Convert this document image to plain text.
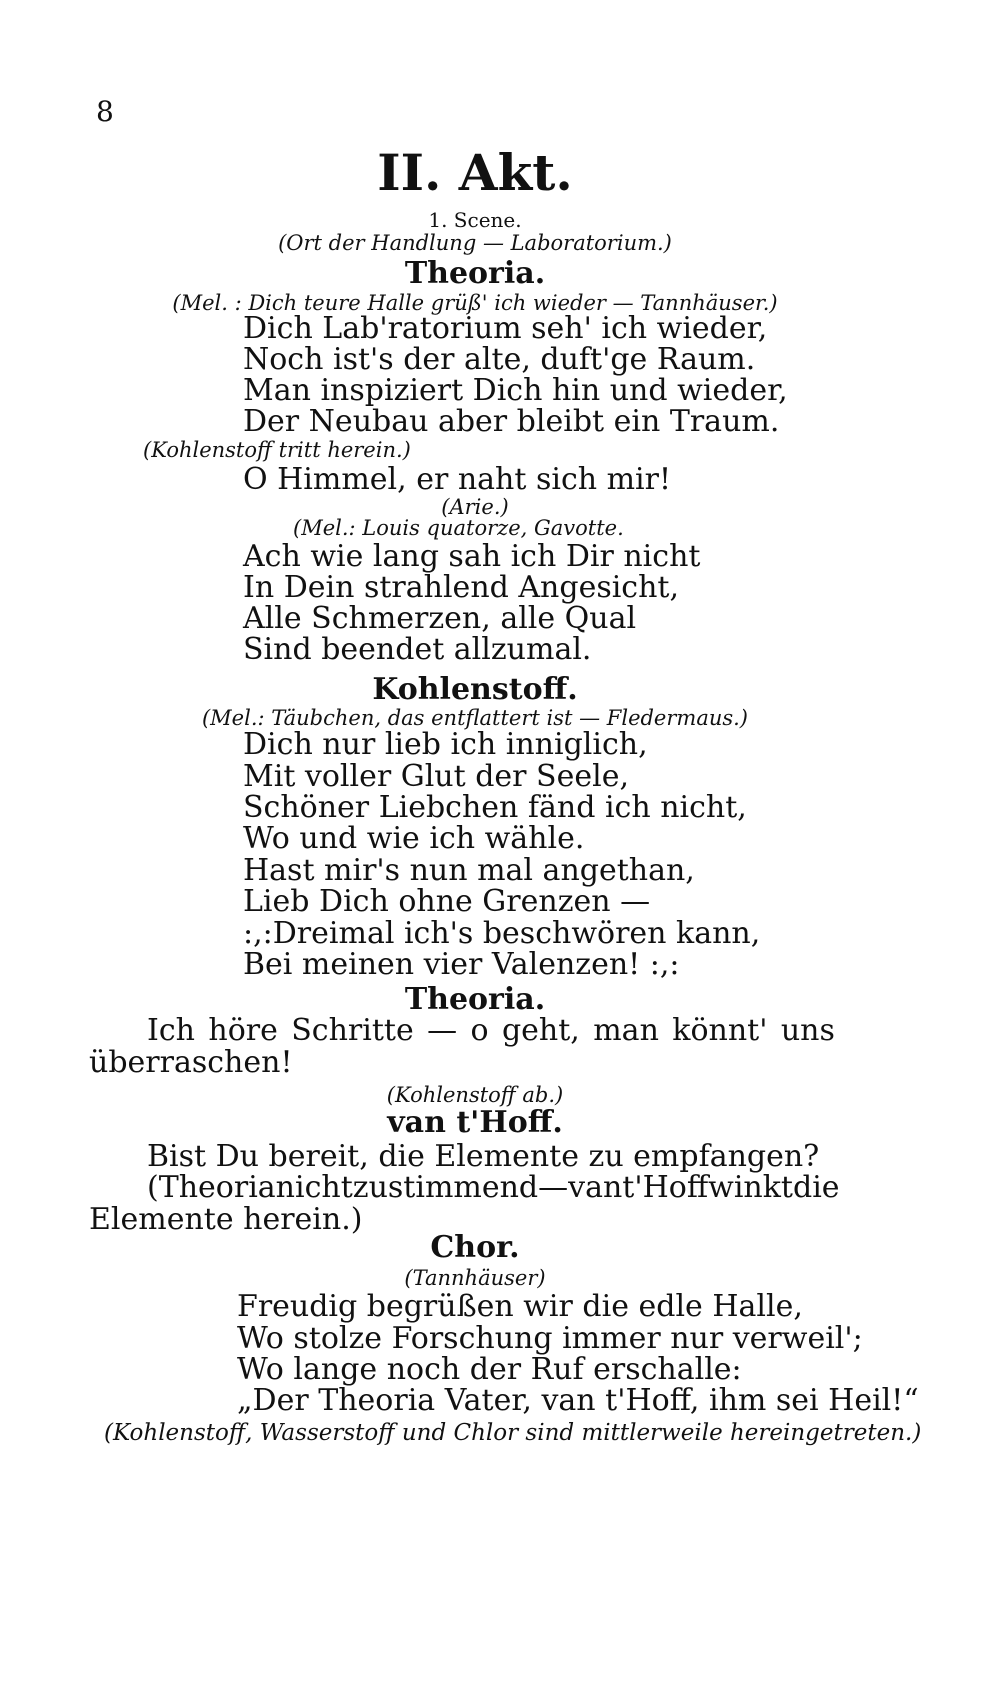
8
II. Akt.
1. Scene.
(Ort der Handlung — Laboratorium.)
Theoria.
(Mel. : Dich teure Halle grüß' ich wieder — Tannhäuser.)
Dich Lab'ratorium seh' ich wieder,
Noch ist's der alte, duft'ge Raum.
Man inspiziert Dich hin und wieder,
Der Neubau aber bleibt ein Traum.
(Kohlenstoff tritt herein.)
O Himmel, er naht sich mir!
(Arie.)
(Mel.: Louis quatorze, Gavotte.
Ach wie lang sah ich Dir nicht
In Dein strahlend Angesicht,
Alle Schmerzen, alle Qual
Sind beendet allzumal.
Kohlenstoff.
(Mel.: Täubchen, das entflattert ist — Fledermaus.)
Dich nur lieb ich inniglich,
Mit voller Glut der Seele,
Schöner Liebchen fänd ich nicht,
Wo und wie ich wähle.
Hast mir's nun mal angethan,
Lieb Dich ohne Grenzen —
:,:Dreimal ich's beschwören kann,
Bei meinen vier Valenzen! :,:
Theoria.
Ich höre Schritte — o geht, man könnt' uns
überraschen!
(Kohlenstoff ab.)
van t'Hoff.
Bist Du bereit, die Elemente zu empfangen?
(Theoria nicht zustimmend — van t'Hoff winkt die
Elemente herein.)
Chor.
(Tannhäuser)
Freudig begrüßen wir die edle Halle,
Wo stolze Forschung immer nur verweil';
Wo lange noch der Ruf erschalle:
„Der Theoria Vater, van t'Hoff, ihm sei Heil!“
(Kohlenstoff, Wasserstoff und Chlor sind mittlerweile hereingetreten.)
